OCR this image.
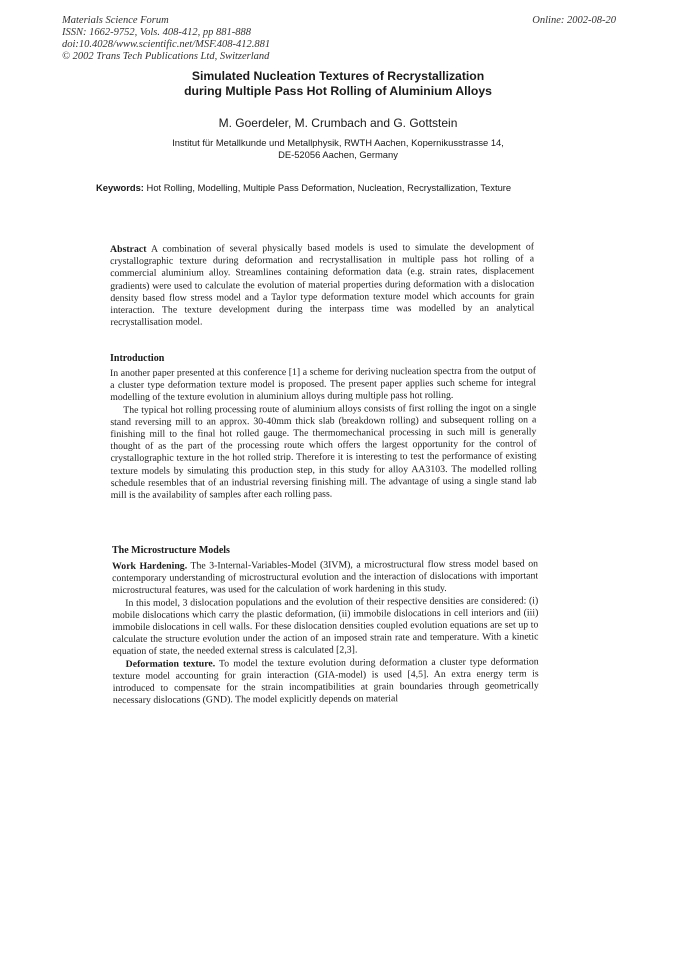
Materials Science Forum
ISSN: 1662-9752, Vols. 408-412, pp 881-888
doi:10.4028/www.scientific.net/MSF.408-412.881
© 2002 Trans Tech Publications Ltd, Switzerland
Online: 2002-08-20
Simulated Nucleation Textures of Recrystallization
during Multiple Pass Hot Rolling of Aluminium Alloys
M. Goerdeler, M. Crumbach and G. Gottstein
Institut für Metallkunde und Metallphysik, RWTH Aachen, Kopernikusstrasse 14,
DE-52056 Aachen, Germany
Keywords: Hot Rolling, Modelling, Multiple Pass Deformation, Nucleation, Recrystallization, Texture
Abstract A combination of several physically based models is used to simulate the development of crystallographic texture during deformation and recrystallisation in multiple pass hot rolling of a commercial aluminium alloy. Streamlines containing deformation data (e.g. strain rates, displacement gradients) were used to calculate the evolution of material properties during deformation with a dislocation density based flow stress model and a Taylor type deformation texture model which accounts for grain interaction. The texture development during the interpass time was modelled by an analytical recrystallisation model.
Introduction

In another paper presented at this conference [1] a scheme for deriving nucleation spectra from the output of a cluster type deformation texture model is proposed. The present paper applies such scheme for integral modelling of the texture evolution in aluminium alloys during multiple pass hot rolling.

The typical hot rolling processing route of aluminium alloys consists of first rolling the ingot on a single stand reversing mill to an approx. 30-40mm thick slab (breakdown rolling) and subsequent rolling on a finishing mill to the final hot rolled gauge. The thermomechanical processing in such mill is generally thought of as the part of the processing route which offers the largest opportunity for the control of crystallographic texture in the hot rolled strip. Therefore it is interesting to test the performance of existing texture models by simulating this production step, in this study for alloy AA3103. The modelled rolling schedule resembles that of an industrial reversing finishing mill. The advantage of using a single stand lab mill is the availability of samples after each rolling pass.

The Microstructure Models

Work Hardening. The 3-Internal-Variables-Model (3IVM), a microstructural flow stress model based on contemporary understanding of microstructural evolution and the interaction of dislocations with important microstructural features, was used for the calculation of work hardening in this study.

In this model, 3 dislocation populations and the evolution of their respective densities are considered: (i) mobile dislocations which carry the plastic deformation, (ii) immobile dislocations in cell interiors and (iii) immobile dislocations in cell walls. For these dislocation densities coupled evolution equations are set up to calculate the structure evolution under the action of an imposed strain rate and temperature. With a kinetic equation of state, the needed external stress is calculated [2,3].

Deformation texture. To model the texture evolution during deformation a cluster type deformation texture model accounting for grain interaction (GIA-model) is used [4,5]. An extra energy term is introduced to compensate for the strain incompatibilities at grain boundaries through geometrically necessary dislocations (GND). The model explicitly depends on material
